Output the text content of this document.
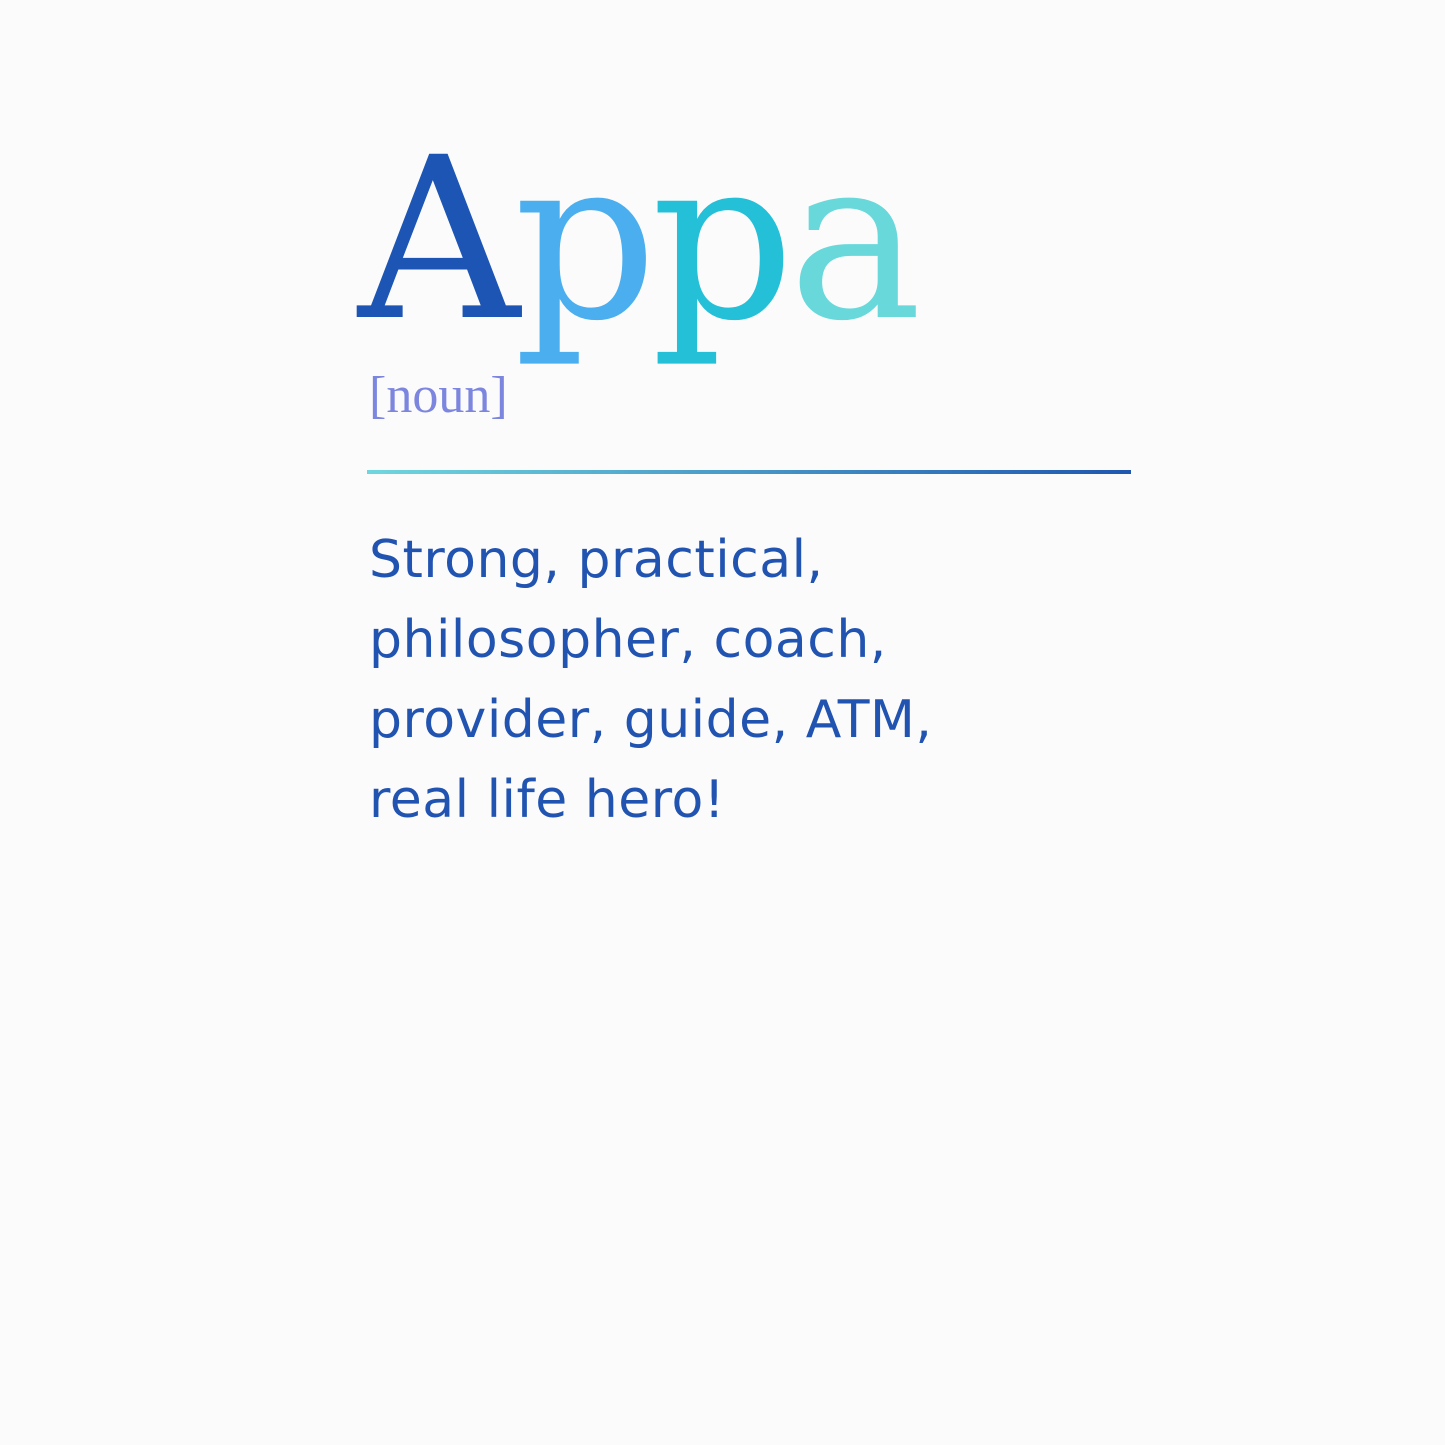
Appa
[noun]
Strong, practical,
philosopher, coach,
provider, guide, ATM,
real life hero!
